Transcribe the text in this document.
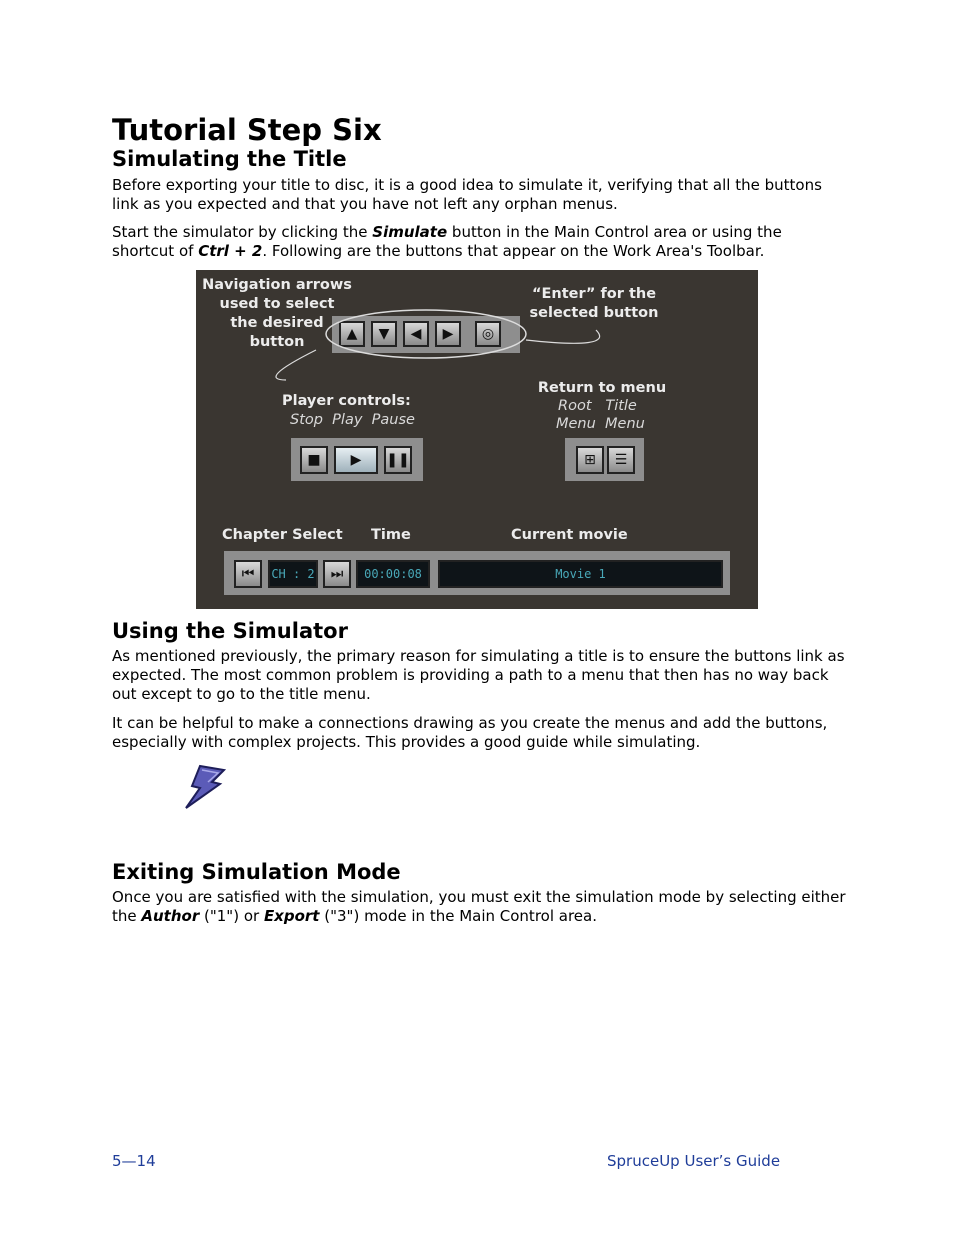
Tutorial Step Six
Simulating the Title

Before exporting your title to disc, it is a good idea to simulate it, verifying that all the buttons link as you expected and that you have not left any orphan menus.

Start the simulator by clicking the Simulate button in the Main Control area or using the shortcut of Ctrl + 2. Following are the buttons that appear on the Work Area's Toolbar.

Navigation arrows
used to select
the desired
button
“Enter” for the
selected button
▲ ▼ ◀ ▶ ◎
Player controls:
Stop  Play  Pause
■ ▶ ❚❚
Return to menu
Root   Title
Menu  Menu
⊞ ☰
Chapter Select Time	Current movie
⏮ CH : 2 ⏭	00:00:08	Movie 1
Using the Simulator

As mentioned previously, the primary reason for simulating a title is to ensure the buttons link as expected. The most common problem is providing a path to a menu that then has no way back out except to go to the title menu.

It can be helpful to make a connections drawing as you create the menus and add the buttons, especially with complex projects. This provides a good guide while simulating.

Exiting Simulation Mode

Once you are satisfied with the simulation, you must exit the simulation mode by selecting either the Author ("1") or Export ("3") mode in the Main Control area.

5—14	SpruceUp User’s Guide
